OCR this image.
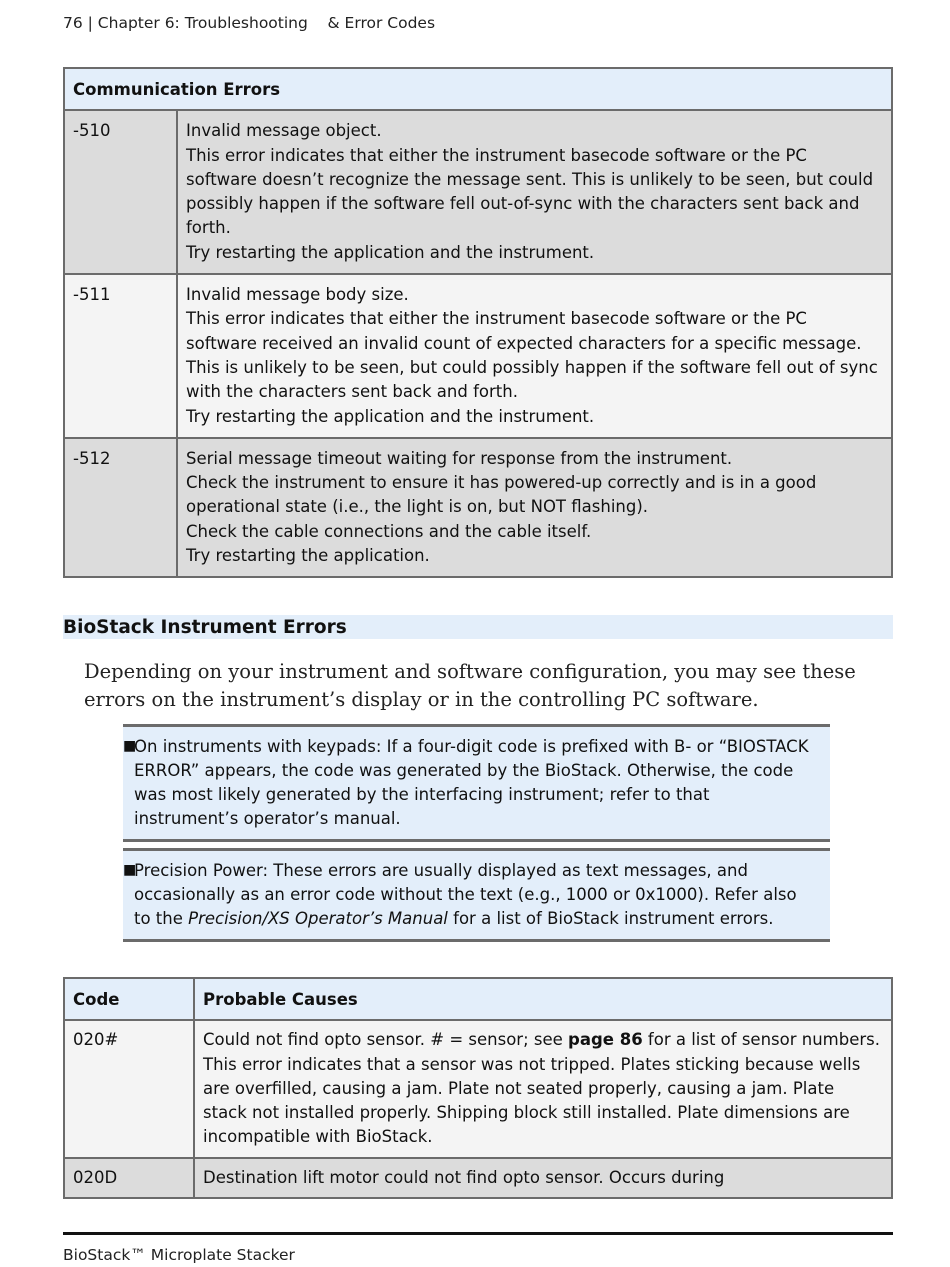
76 | Chapter 6: Troubleshooting    & Error Codes
Communication Errors	
-510	Invalid message object.
This error indicates that either the instrument basecode software or the PC software doesn’t recognize the message sent. This is unlikely to be seen, but could possibly happen if the software fell out-of-sync with the characters sent back and forth.
Try restarting the application and the instrument.

-511	Invalid message body size.
This error indicates that either the instrument basecode software or the PC software received an invalid count of expected characters for a specific message. This is unlikely to be seen, but could possibly happen if the software fell out of sync with the characters sent back and forth.
Try restarting the application and the instrument.

-512	Serial message timeout waiting for response from the instrument.
Check the instrument to ensure it has powered-up correctly and is in a good operational state (i.e., the light is on, but NOT flashing).
Check the cable connections and the cable itself.
Try restarting the application.
BioStack Instrument Errors
Depending on your instrument and software configuration, you may see these errors on the instrument’s display or in the controlling PC software.
■
On instruments with keypads: If a four-digit code is prefixed with B- or “BIOSTACK ERROR” appears, the code was generated by the BioStack. Otherwise, the code was most likely generated by the interfacing instrument; refer to that instrument’s operator’s manual.
■
Precision Power: These errors are usually displayed as text messages, and occasionally as an error code without the text (e.g., 1000 or 0x1000). Refer also to the Precision/XS Operator’s Manual for a list of BioStack instrument errors.
Code	Probable Causes
020#	Could not find opto sensor. # = sensor; see page 86 for a list of sensor numbers. This error indicates that a sensor was not tripped. Plates sticking because wells are overfilled, causing a jam. Plate not seated properly, causing a jam. Plate stack not installed properly. Shipping block still installed. Plate dimensions are incompatible with BioStack.
020D	Destination lift motor could not find opto sensor. Occurs during
BioStack™ Microplate Stacker
